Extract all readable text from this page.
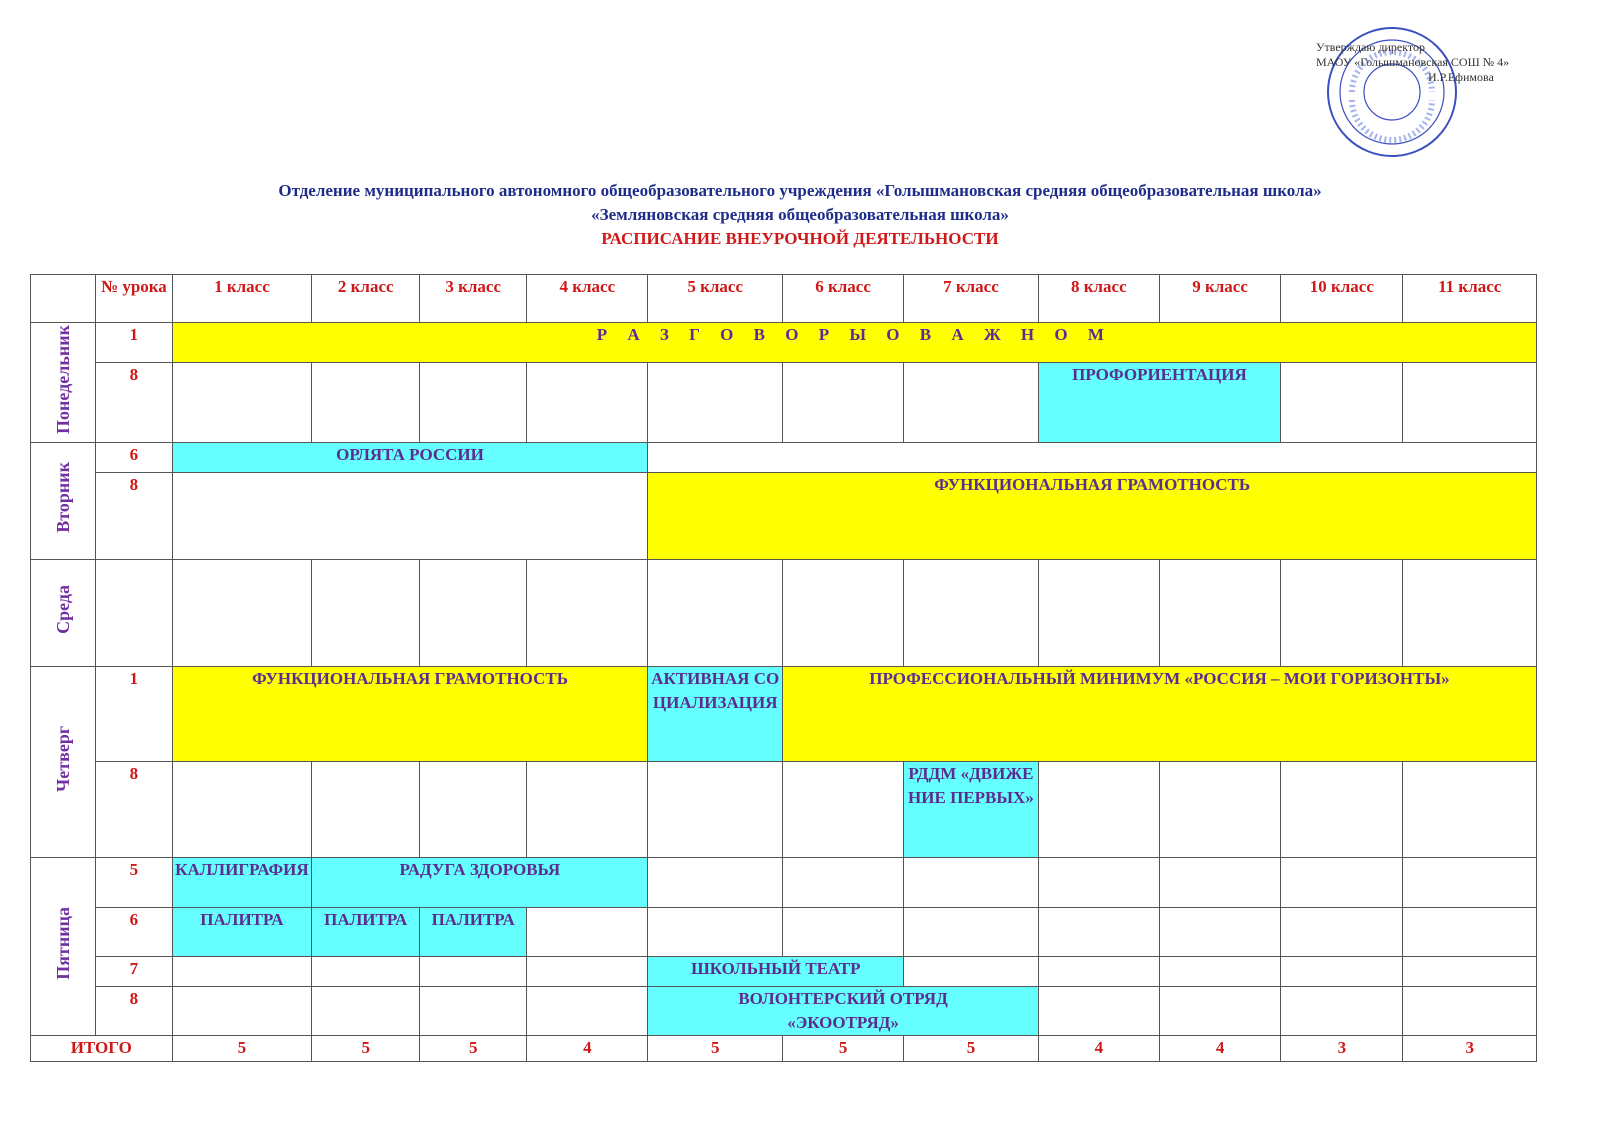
Утверждаю директор
МАОУ «Голышмановская СОШ № 4»
И.Р.Ефимова
Отделение муниципального автономного общеобразовательного учреждения «Голышмановская средняя общеобразовательная школа»
«Земляновская средняя общеобразовательная школа»
РАСПИСАНИЕ ВНЕУРОЧНОЙ ДЕЯТЕЛЬНОСТИ
	№ урока	1 класс	2 класс	3 класс	4 класс	5 класс	6 класс	7 класс	8 класс	9 класс	10 класс	11 класс
Понедельник	1	Р А З Г О В О Р Ы О В А Ж Н О М										
	8								ПРОФОРИЕНТАЦИЯ			
Вторник	6	ОРЛЯТА РОССИИ										
	8					ФУНКЦИОНАЛЬНАЯ ГРАМОТНОСТЬ						
Среда												
Четверг	1	ФУНКЦИОНАЛЬНАЯ ГРАМОТНОСТЬ				АКТИВНАЯ СОЦИАЛИЗАЦИЯ	ПРОФЕССИОНАЛЬНЫЙ МИНИМУМ «РОССИЯ – МОИ ГОРИЗОНТЫ»					
	8							РДДМ «ДВИЖЕНИЕ ПЕРВЫХ»				
Пятница	5	КАЛЛИГРАФИЯ	РАДУГА ЗДОРОВЬЯ									
	6	ПАЛИТРА	ПАЛИТРА	ПАЛИТРА								
	7					ШКОЛЬНЫЙ ТЕАТР						
	8					ВОЛОНТЕРСКИЙ ОТРЯД «ЭКООТРЯД»						
ИТОГО		5	5	5	4	5	5	5	4	4	3	3
